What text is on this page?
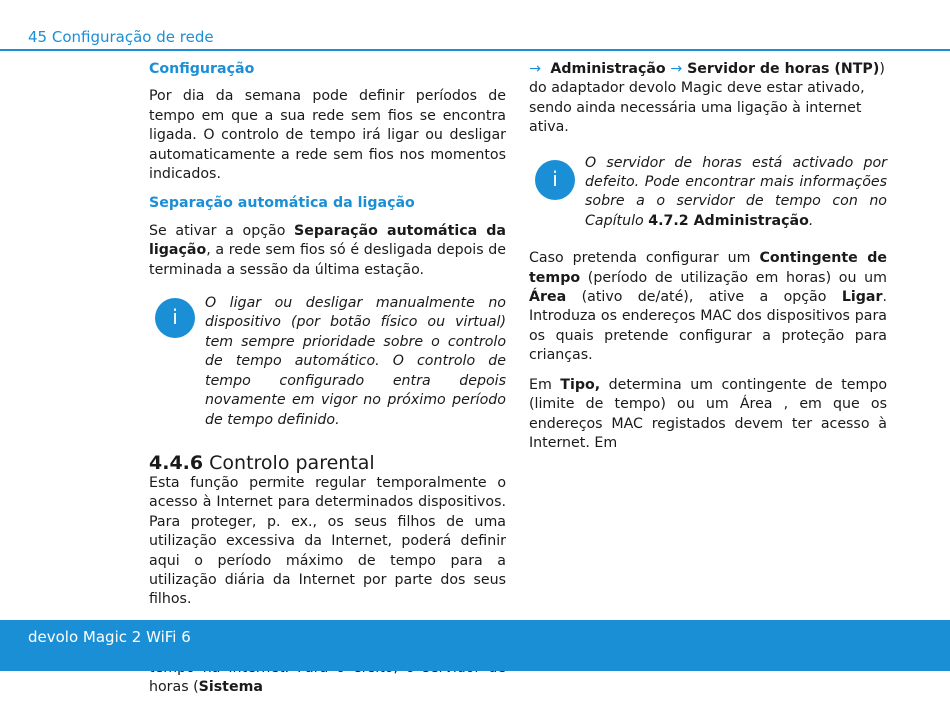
45 Configuração de rede
Configuração

Por dia da semana pode definir períodos de tempo em que a sua rede sem fios se encontra ligada. O controlo de tempo irá ligar ou desligar automaticamente a rede sem fios nos momentos indicados.

Separação automática da ligação

Se ativar a opção Separação automática da ligação, a rede sem fios só é desligada depois de terminada a sessão da última estação.

i

O ligar ou desligar manualmente no dispositivo (por botão físico ou virtual) tem sempre prioridade sobre o controlo de tempo automático. O controlo de tempo configurado entra depois novamente em vigor no próximo período de tempo definido.

4.4.6 Controlo parental

Esta função permite regular temporalmente o acesso à Internet para determinados dispositivos. Para proteger, p. ex., os seus filhos de uma utilização excessiva da Internet, poderá definir aqui o período máximo de tempo para a utilização diária da Internet por parte dos seus filhos.

horas (Sistema

→ Administração → Servidor de horas (NTP)) do adaptador devolo Magic deve estar ativado, sendo ainda necessária uma ligação à internet ativa.

i

O servidor de horas está activado por defeito. Pode encontrar mais informações sobre a o servidor de tempo con no Capítulo 4.7.2 Administração.

Caso pretenda configurar um Contingente de tempo (período de utilização em horas) ou um Área (ativo de/até), ative a opção Ligar. Introduza os endereços MAC dos dispositivos para os quais pretende configurar a proteção para crianças.

Em Tipo, determina um contingente de tempo (limite de tempo) ou um Área , em que os endereços MAC registados devem ter acesso à Internet. Em

devolo Magic 2 WiFi 6
